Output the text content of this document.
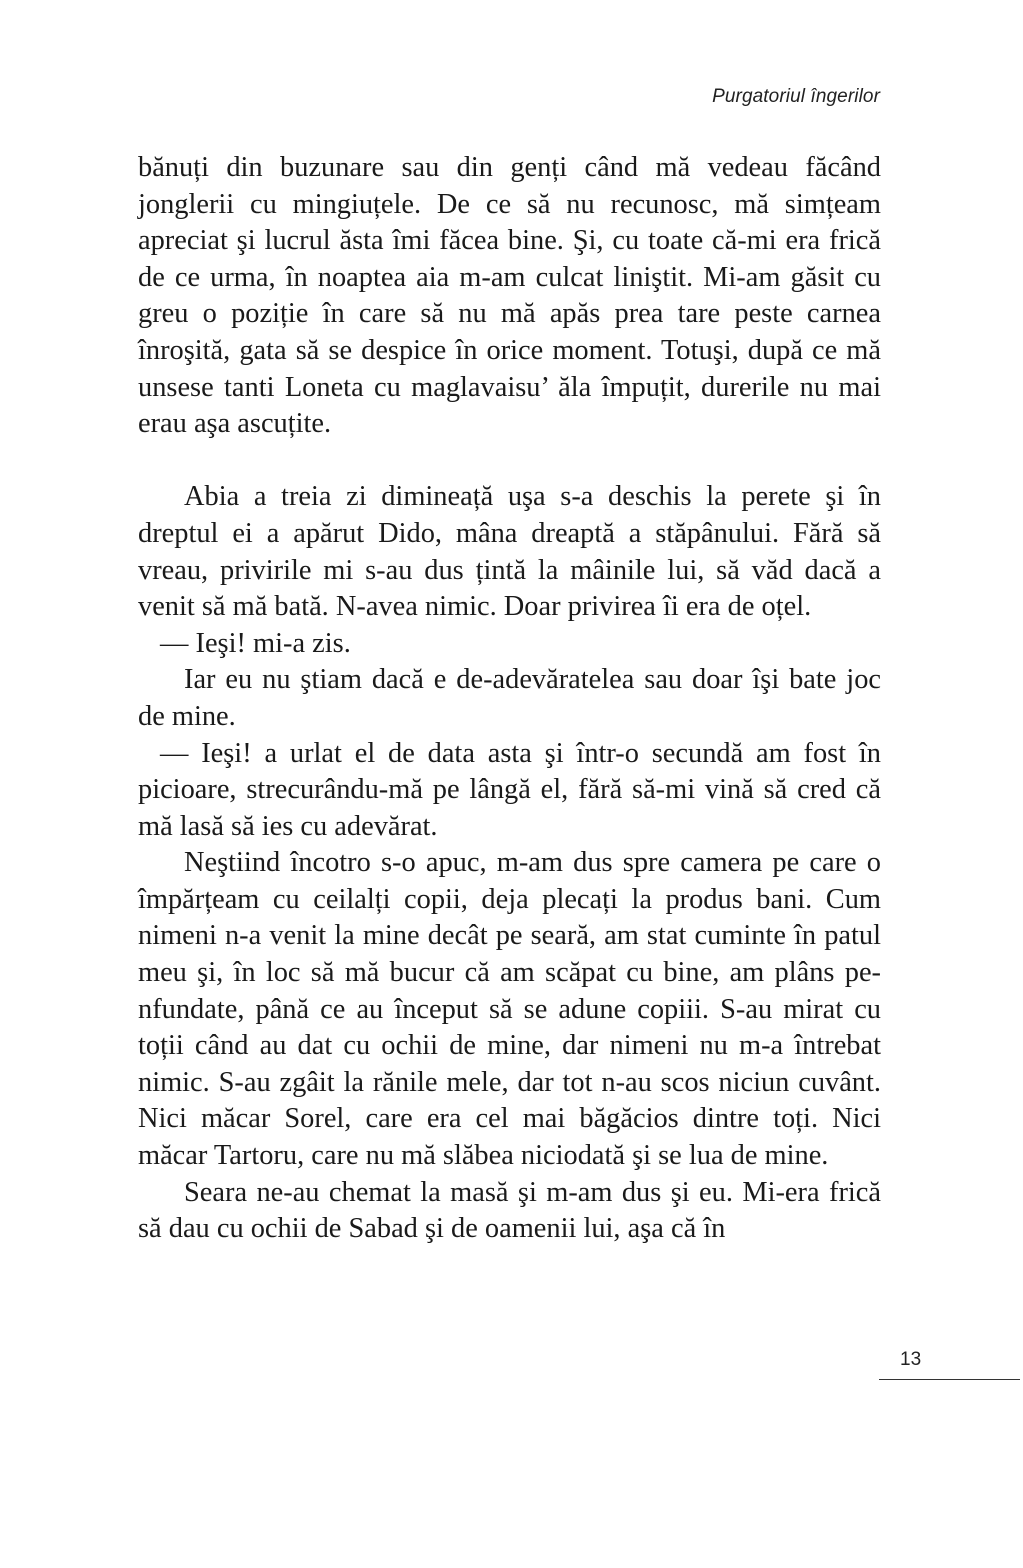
Purgatoriul îngerilor

bănuți din buzunare sau din genți când mă vedeau făcând jonglerii cu mingiuțele. De ce să nu recunosc, mă simțeam apreciat şi lucrul ăsta îmi făcea bine. Şi, cu toate că-mi era frică de ce urma, în noaptea aia m-am culcat liniştit. Mi-am găsit cu greu o poziție în care să nu mă apăs prea tare peste carnea înroşită, gata să se despice în orice moment. Totuşi, după ce mă unsese tanti Loneta cu maglavaisu’ ăla împuțit, durerile nu mai erau aşa ascuțite.

Abia a treia zi dimineață uşa s-a deschis la perete şi în dreptul ei a apărut Dido, mâna dreaptă a stăpânului. Fără să vreau, privirile mi s-au dus țintă la mâinile lui, să văd dacă a venit să mă bată. N-avea nimic. Doar privirea îi era de oțel.

— Ieşi! mi-a zis.

Iar eu nu ştiam dacă e de-adevăratelea sau doar îşi bate joc de mine.

— Ieşi! a urlat el de data asta şi într-o secundă am fost în picioare, strecurându-mă pe lângă el, fără să-mi vină să cred că mă lasă să ies cu adevărat.

Neştiind încotro s-o apuc, m-am dus spre camera pe care o împărțeam cu ceilalți copii, deja plecați la produs bani. Cum nimeni n-a venit la mine decât pe seară, am stat cuminte în patul meu şi, în loc să mă bucur că am scăpat cu bine, am plâns pe-nfundate, până ce au început să se adune copiii. S-au mirat cu toții când au dat cu ochii de mine, dar nimeni nu m-a întrebat nimic. S-au zgâit la rănile mele, dar tot n-au scos niciun cuvânt. Nici măcar Sorel, care era cel mai băgăcios dintre toți. Nici măcar Tartoru, care nu mă slăbea niciodată şi se lua de mine.

Seara ne-au chemat la masă şi m-am dus şi eu. Mi-era frică să dau cu ochii de Sabad şi de oamenii lui, aşa că în

13
